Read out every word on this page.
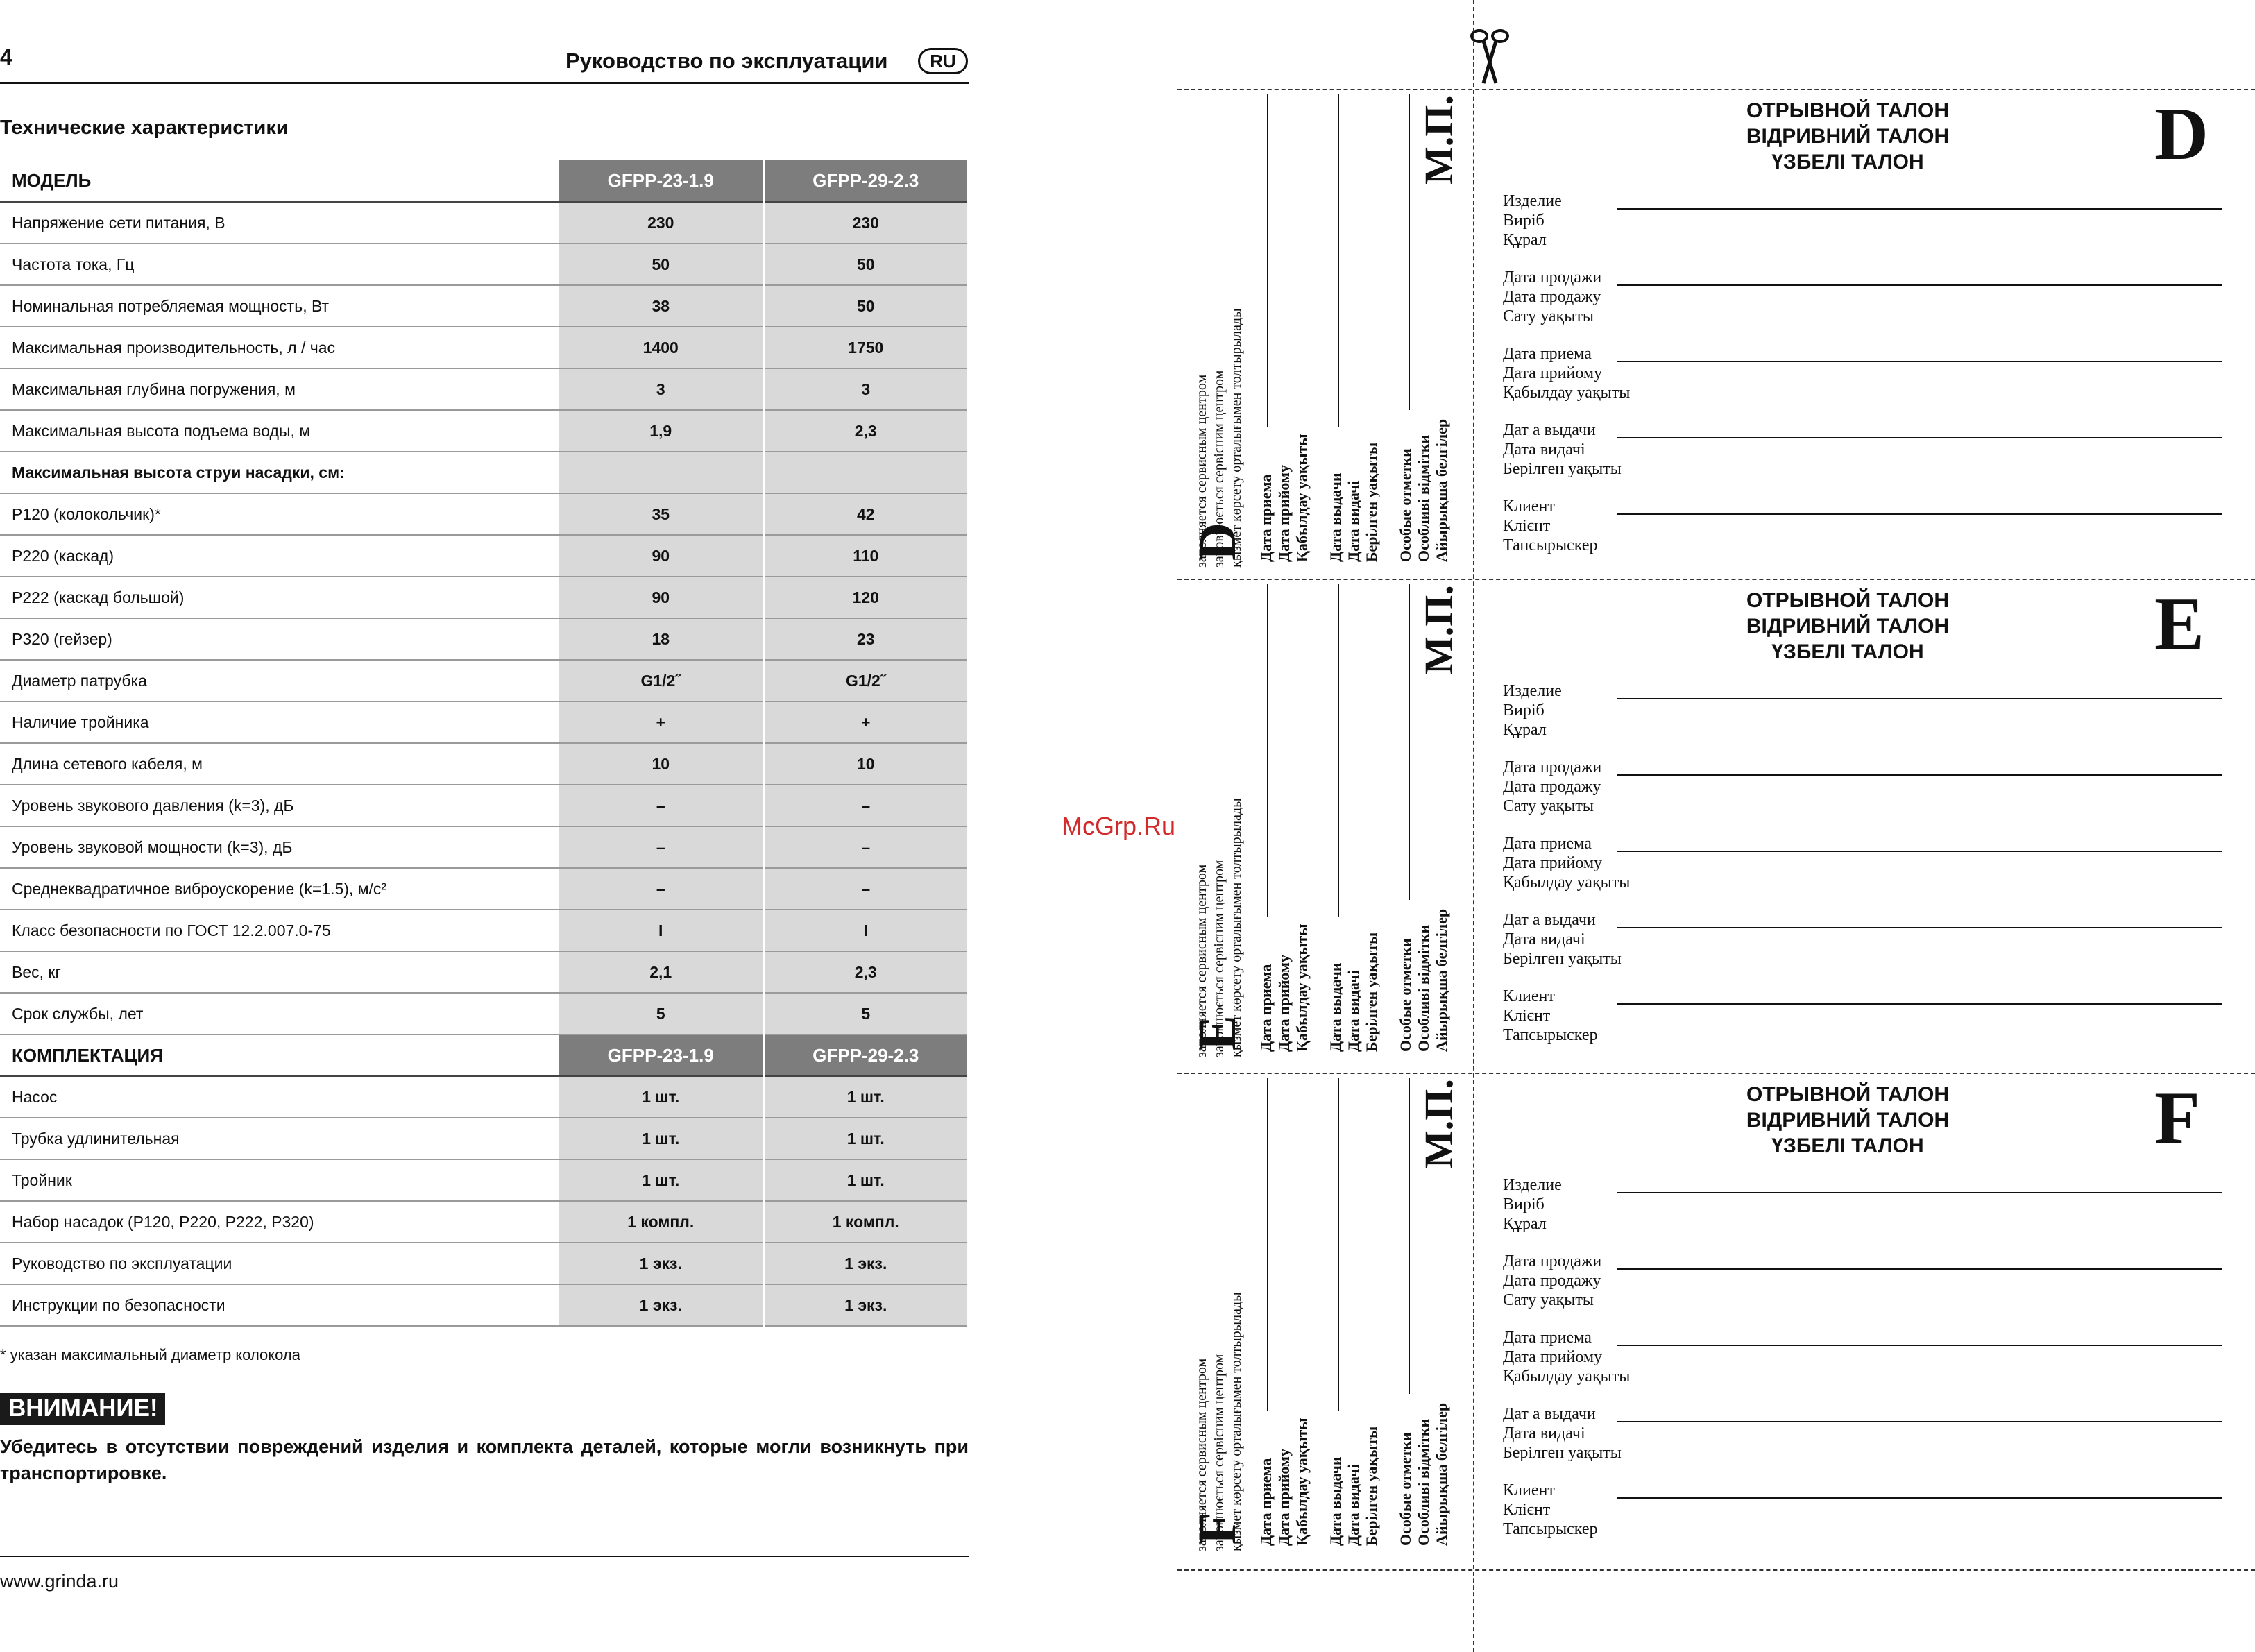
4	Руководство по эксплуатации	RU
Технические характеристики
МОДЕЛЬ	GFPP-23-1.9	GFPP-29-2.3
Напряжение сети питания, В	230	230
Частота тока, Гц	50	50
Номинальная потребляемая мощность, Вт	38	50
Максимальная производительность, л / час	1400	1750
Максимальная глубина погружения, м	3	3
Максимальная высота подъема воды, м	1,9	2,3
Максимальная высота струи насадки, см:		
P120 (колокольчик)*	35	42
P220 (каскад)	90	110
P222 (каскад большой)	90	120
P320 (гейзер)	18	23
Диаметр патрубка	G1/2˝	G1/2˝
Наличие тройника	+	+
Длина сетевого кабеля, м	10	10
Уровень звукового давления (k=3), дБ	–	–
Уровень звуковой мощности (k=3), дБ	–	–
Среднеквадратичное виброускорение (k=1.5), м/с²	–	–
Класс безопасности по ГОСТ 12.2.007.0-75	I	I
Вес, кг	2,1	2,3
Срок службы, лет	5	5
КОМПЛЕКТАЦИЯ	GFPP-23-1.9	GFPP-29-2.3
Насос	1 шт.	1 шт.
Трубка удлинительная	1 шт.	1 шт.
Тройник	1 шт.	1 шт.
Набор насадок (P120, P220, P222, P320)	1 компл.	1 компл.
Руководство по эксплуатации	1 экз.	1 экз.
Инструкции по безопасности	1 экз.	1 экз.
* указан максимальный диаметр колокола
ВНИМАНИЕ!
Убедитесь в отсутствии повреждений изделия и комплекта деталей, которые могли возникнуть при транспортировке.
www.grinda.ru
McGrp.Ru
ОТРЫВНОЙ ТАЛОН
ВІДРИВНИЙ ТАЛОН
ҮЗБЕЛІ ТАЛОН	D
Изделие
Виріб
Құрал
Дата продажи
Дата продажу
Сату уақыты
Дата приема
Дата прийому
Қабылдау уақыты
Дат а выдачи
Дата видачі
Берілген уақыты
Клиент
Клієнт
Тапсырыскер
заполняется сервисным центром заповнюється сервісним центром қызмет көрсету орталығымен толтырылады Дата приема Дата прийому Қабылдау уақыты Дата выдачи Дата видачі Берілген уақыты Особые отметки Особливі відмітки Айырықша белгілер
D
М.П.
ОТРЫВНОЙ ТАЛОН
ВІДРИВНИЙ ТАЛОН
ҮЗБЕЛІ ТАЛОН	E
Изделие
Виріб
Құрал
Дата продажи
Дата продажу
Сату уақыты
Дата приема
Дата прийому
Қабылдау уақыты
Дат а выдачи
Дата видачі
Берілген уақыты
Клиент
Клієнт
Тапсырыскер
заполняется сервисным центром заповнюється сервісним центром қызмет көрсету орталығымен толтырылады Дата приема Дата прийому Қабылдау уақыты Дата выдачи Дата видачі Берілген уақыты Особые отметки Особливі відмітки Айырықша белгілер
E
М.П.
ОТРЫВНОЙ ТАЛОН
ВІДРИВНИЙ ТАЛОН
ҮЗБЕЛІ ТАЛОН	F
Изделие
Виріб
Құрал
Дата продажи
Дата продажу
Сату уақыты
Дата приема
Дата прийому
Қабылдау уақыты
Дат а выдачи
Дата видачі
Берілген уақыты
Клиент
Клієнт
Тапсырыскер
заполняется сервисным центром заповнюється сервісним центром қызмет көрсету орталығымен толтырылады Дата приема Дата прийому Қабылдау уақыты Дата выдачи Дата видачі Берілген уақыты Особые отметки Особливі відмітки Айырықша белгілер
F
М.П.
